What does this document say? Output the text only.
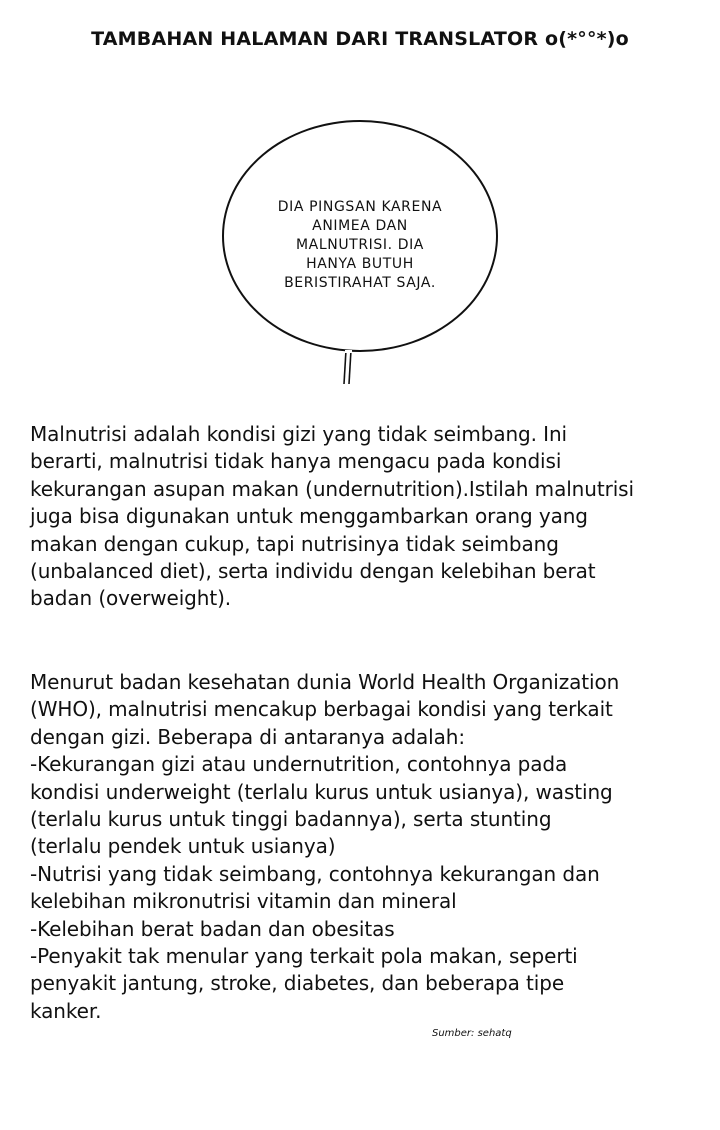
TAMBAHAN HALAMAN DARI TRANSLATOR o(*°°*)o
DIA PINGSAN KARENA
ANIMEA DAN
MALNUTRISI. DIA
HANYA BUTUH
BERISTIRAHAT SAJA.
Malnutrisi adalah kondisi gizi yang tidak seimbang. Ini
berarti, malnutrisi tidak hanya mengacu pada kondisi
kekurangan asupan makan (undernutrition).Istilah malnutrisi
juga bisa digunakan untuk menggambarkan orang yang
makan dengan cukup, tapi nutrisinya tidak seimbang
(unbalanced diet), serta individu dengan kelebihan berat
badan (overweight).
Menurut badan kesehatan dunia World Health Organization
(WHO), malnutrisi mencakup berbagai kondisi yang terkait
dengan gizi. Beberapa di antaranya adalah:
-Kekurangan gizi atau undernutrition, contohnya pada
kondisi underweight (terlalu kurus untuk usianya), wasting
(terlalu kurus untuk tinggi badannya), serta stunting
(terlalu pendek untuk usianya)
-Nutrisi yang tidak seimbang, contohnya kekurangan dan
kelebihan mikronutrisi vitamin dan mineral
-Kelebihan berat badan dan obesitas
-Penyakit tak menular yang terkait pola makan, seperti
penyakit jantung, stroke, diabetes, dan beberapa tipe
kanker.
Sumber: sehatq
